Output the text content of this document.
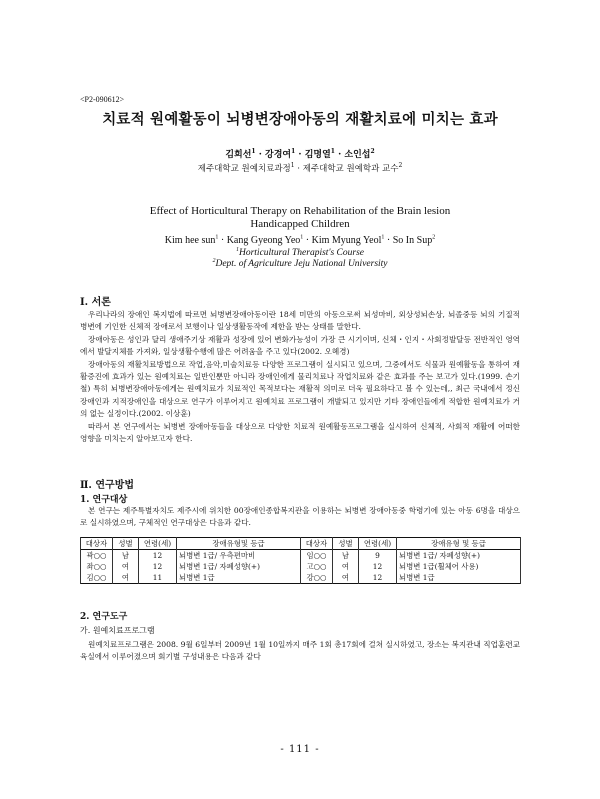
<P2-090612>
치료적 원예활동이 뇌병변장애아동의 재활치료에 미치는 효과
김희선$^1$ · 강경여$^1$ · 김명열$^1$ · 소인섭$^2$
제주대학교 원예치료과정$^1$ · 제주대학교 원예학과 교수$^2$
Effect of Horticultural Therapy on Rehabilitation of the Brain lesion
Handicapped Children
Kim hee sun$^1$ · Kang Gyeong Yeo$^1$ · Kim Myung Yeol$^1$ · So In Sup$^2$
$^1$Horticultural Therapist's Course
$^2$Dept. of Agriculture Jeju National University
Ⅰ. 서론

우리나라의 장애인 복지법에 따르면 뇌병변장애아동이란 18세 미만의 아동으로써 뇌성마비, 외상성뇌손상, 뇌졸중등 뇌의 기질적 병변에 기인한 신체적 장애로서 보행이나 일상생활동작에 제한을 받는 상태를 말한다.

장애아동은 성인과 달리 생애주기상 재활과 성장에 있어 변화가능성이 가장 큰 시기이며, 신체・인지・사회정발달등 전반적인 영역에서 발달지체를 가져와, 일상생활수행에 많은 어려움을 주고 있다(2002. 오혜경)

장애아동의 재활치료방법으로 작업,음악,미술치료등 다양한 프로그램이 실시되고 있으며, 그중에서도 식물과 원예활동을 통하여 재활증진에 효과가 있는 원예치료는 일반인뿐만 아니라 장애인에게 물리치료나 작업치료와 같은 효과를 주는 보고가 있다.(1999. 손기철) 특히 뇌병변장애아동에게는 원예치료가 치료적인 목적보다는 재활적 의미로 더욱 필요하다고 볼 수 있는데,, 최근 국내에서 정신장애인과 지적장애인을 대상으로 연구가 이루어지고 원예치료 프로그램이 개발되고 있지만 기타 장애인들에게 적합한 원예치료가 거의 없는 실정이다.(2002. 이상훈)

따라서 본 연구에서는 뇌병변 장애아동들을 대상으로 다양한 치료적 원예활동프로그램을 실시하여 신체적, 사회적 재활에 어떠한 영향을 미치는지 알아보고자 한다.

Ⅱ. 연구방법
1. 연구대상

본 연구는 제주특별자치도 제주시에 위치한 00장애인종합복지관을 이용하는 뇌병변 장애아동중 학령기에 있는 아동 6명을 대상으로 실시하였으며, 구체적인 연구대상은 다음과 같다.

대상자	성별	연령(세)	장애유형및 등급	대상자	성별	연령(세)	장애유형 및 등급
곽○○	남	12	뇌병변 1급/ 우측편마비	임○○	남	9	뇌병변 1급/ 자폐성향(+)
좌○○	여	12	뇌병변 1급/ 자폐성향(+)	고○○	여	12	뇌병변 1급(휠체어 사용)
김○○	여	11	뇌병변 1급	강○○	여	12	뇌병변 1급
2. 연구도구
가. 원예치료프로그램

원예치료프로그램은 2008. 9월 6일부터 2009년 1월 10일까지 매주 1회 총17회에 걸쳐 실시하였고, 장소는 복지관내 직업훈련교육실에서 이루어졌으며 회기별 구성내용은 다음과 같다

- 111 -
